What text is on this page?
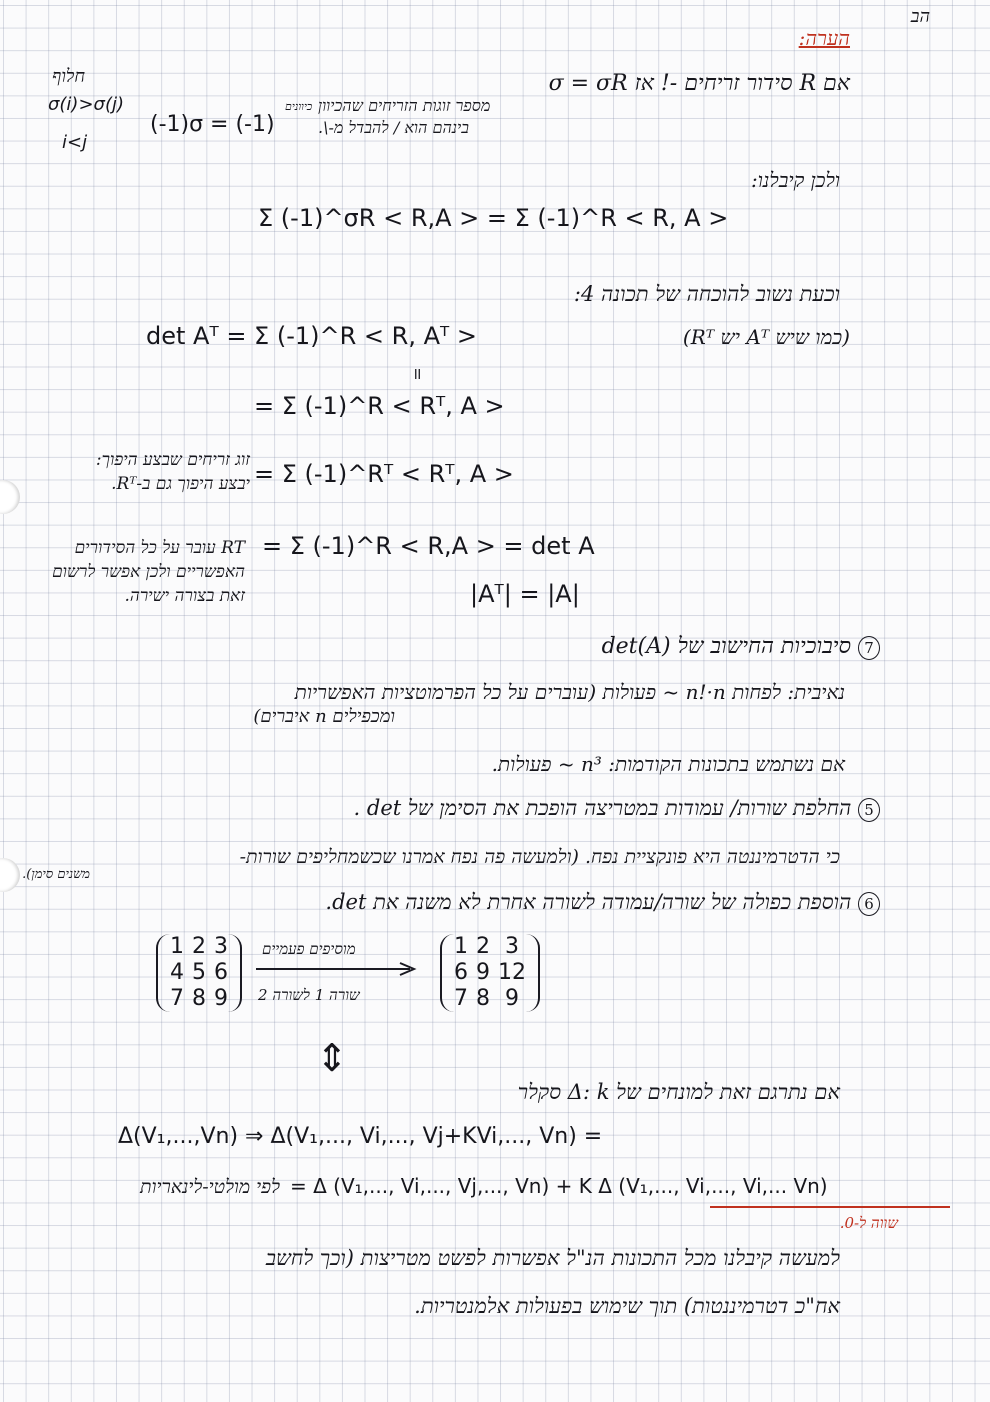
הב
הערה:
חלוף
σ(i)>σ(j)
i<j
אם R סידור זריחים -! אז σ = σR
(-1)σ = (-1)
כיוונים מספר זוגות הזריחים שהכיוון
בינהם הוא / להבדל מ-\.
ולכן קיבלנו:
Σ (-1)^σR < R,A > = Σ (-1)^R < R, A >
וכעת נשוב להוכחה של תכונה 4:
det Aᵀ = Σ (-1)^R < R, Aᵀ >	(כמו שיש Aᵀ יש Rᵀ)
॥
= Σ (-1)^R < Rᵀ, A >
זוג זריחים שבצע היפוך:
יבצע היפוך גם ב-Rᵀ. = Σ (-1)^Rᵀ < Rᵀ, A >
RT עובר על כל הסידורים
האפשריים ולכן אפשר לרשום
זאת בצורה ישירה.
= Σ (-1)^R < R,A > = det A
|Aᵀ| = |A|
7 סיבוכיות החישוב של det(A)
נאיבית: לפחות n!·n ~ פעולות (עוברים על כל הפרמוטציות האפשריות
ומכפילים n איברים)
אם נשתמש בתכונות הקודמות: n³ ~ פעולות.
5 החלפת שורות/ עמודות במטריצה הופכת את הסימן של det .
כי הדטרמיננטה היא פונקציית נפח. (ולמעשה פה נפח אמרנו שכשמחליפים שורות-
משנים סימן).
6 הוספת כפולה של שורה/עמודה לשורה אחרת לא משנה את det.
1	2	3
4	5	6
7	8	9
מוסיפים פעמיים
שורה 1 לשורה 2
1	2	3
6	9	12
7	8	9
⇕
אם נתרגם זאת למונחים של Δ: k סקלר
Δ(V₁,...,Vn) ⇒ Δ(V₁,..., Vi,..., Vj+KVi,..., Vn) =
לפי מולטי-לינאריות = Δ (V₁,..., Vi,..., Vj,..., Vn) + K Δ (V₁,..., Vi,..., Vi,... Vn)
שווה ל-0.
למעשה קיבלנו מכל התכונות הנ"ל אפשרות לפשט מטריצות (וכך לחשב
אח"כ דטרמיננטות) תוך שימוש בפעולות אלמנטריות.
